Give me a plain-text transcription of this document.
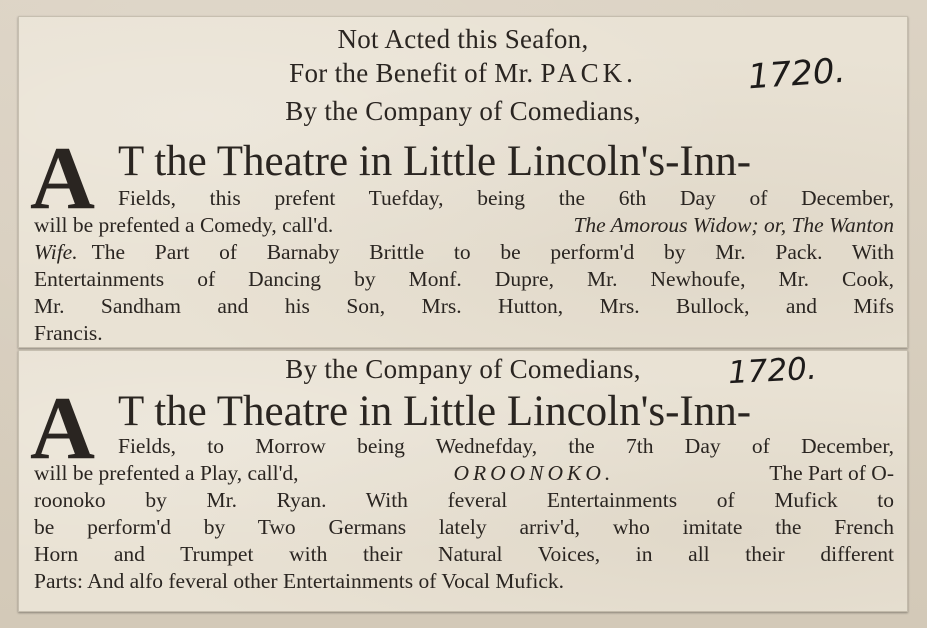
Not Acted this Seafon,
For the Benefit of Mr. PACK.	1720.
By the Company of Comedians,
A T the Theatre in Little Lincoln's-Inn-
Fields, this prefent Tuefday, being the 6th Day of December,
will be prefented a Comedy, call'd.	The Amorous Widow; or, The Wanton
Wife. The Part of Barnaby Brittle to be perform'd by Mr. Pack. With
Entertainments of Dancing by Monf. Dupre, Mr. Newhoufe, Mr. Cook,
Mr. Sandham and his Son, Mrs. Hutton, Mrs. Bullock, and Mifs
Francis.
By the Company of Comedians,	1720.
A T the Theatre in Little Lincoln's-Inn-
Fields, to Morrow being Wednefday, the 7th Day of December,
will be prefented a Play, call'd,	OROONOKO.	The Part of O-
roonoko by Mr. Ryan. With feveral Entertainments of Mufick to
be perform'd by Two Germans lately arriv'd, who imitate the French
Horn and Trumpet with their Natural Voices, in all their different
Parts: And alfo feveral other Entertainments of Vocal Mufick.
